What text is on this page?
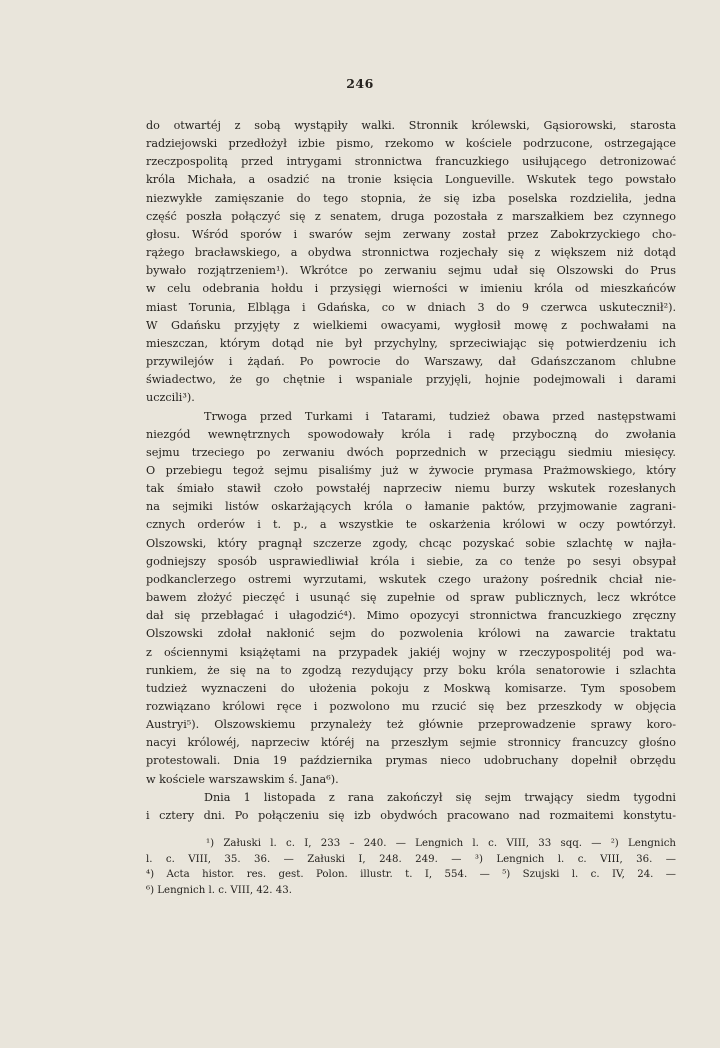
246
do otwartéj z sobą wystąpiły walki. Stronnik królewski, Gąsiorowski, starosta
radziejowski przedłożył izbie pismo, rzekomo w kościele podrzucone, ostrzegające
rzeczpospolitą przed intrygami stronnictwa francuzkiego usiłującego detronizować
króla Michała, a osadzić na tronie księcia Longueville. Wskutek tego powstało
niezwykłe zamięszanie do tego stopnia, że się izba poselska rozdzieliła, jedna
część poszła połączyć się z senatem, druga pozostała z marszałkiem bez czynnego
głosu. Wśród sporów i swarów sejm zerwany został przez Zabokrzyckiego cho-
rążego bracławskiego, a obydwa stronnictwa rozjechały się z większem niż dotąd
bywało rozjątrzeniem¹). Wkrótce po zerwaniu sejmu udał się Olszowski do Prus
w celu odebrania hołdu i przysięgi wierności w imieniu króla od mieszkańców
miast Torunia, Elbląga i Gdańska, co w dniach 3 do 9 czerwca uskutecznił²).
W Gdańsku przyjęty z wielkiemi owacyami, wygłosił mowę z pochwałami na
mieszczan, którym dotąd nie był przychylny, sprzeciwiając się potwierdzeniu ich
przywilejów i żądań. Po powrocie do Warszawy, dał Gdańszczanom chlubne
świadectwo, że go chętnie i wspaniale przyjęli, hojnie podejmowali i darami
uczcili³).
Trwoga przed Turkami i Tatarami, tudzież obawa przed następstwami
niezgód wewnętrznych spowodowały króla i radę przyboczną do zwołania
sejmu trzeciego po zerwaniu dwóch poprzednich w przeciągu siedmiu miesięcy.
O przebiegu tegoż sejmu pisaliśmy już w żywocie prymasa Prażmowskiego, który
tak śmiało stawił czoło powstałéj naprzeciw niemu burzy wskutek rozesłanych
na sejmiki listów oskarżających króla o łamanie paktów, przyjmowanie zagrani-
cznych orderów i t. p., a wszystkie te oskarżenia królowi w oczy powtórzył.
Olszowski, który pragnął szczerze zgody, chcąc pozyskać sobie szlachtę w najła-
godniejszy sposób usprawiedliwiał króla i siebie, za co tenże po sesyi obsypał
podkanclerzego ostremi wyrzutami, wskutek czego urażony pośrednik chciał nie-
bawem złożyć pieczęć i usunąć się zupełnie od spraw publicznych, lecz wkrótce
dał się przebłagać i ułagodzić⁴). Mimo opozycyi stronnictwa francuzkiego zręczny
Olszowski zdołał nakłonić sejm do pozwolenia królowi na zawarcie traktatu
z ościennymi książętami na przypadek jakiéj wojny w rzeczypospolitéj pod wa-
runkiem, że się na to zgodzą rezydujący przy boku króla senatorowie i szlachta
tudzież wyznaczeni do ułożenia pokoju z Moskwą komisarze. Tym sposobem
rozwiązano królowi ręce i pozwolono mu rzucić się bez przeszkody w objęcia
Austryi⁵). Olszowskiemu przynależy też głównie przeprowadzenie sprawy koro-
nacyi królowéj, naprzeciw któréj na przeszłym sejmie stronnicy francuzcy głośno
protestowali. Dnia 19 października prymas nieco udobruchany dopełnił obrzędu
w kościele warszawskim ś. Jana⁶).
Dnia 1 listopada z rana zakończył się sejm trwający siedm tygodni
i cztery dni. Po połączeniu się izb obydwóch pracowano nad rozmaitemi konstytu-
¹) Załuski l. c. I, 233 – 240. — Lengnich l. c. VIII, 33 sqq. — ²) Lengnich
l. c. VIII, 35. 36. — Załuski I, 248. 249. — ³) Lengnich l. c. VIII, 36. —
⁴) Acta histor. res. gest. Polon. illustr. t. I, 554. — ⁵) Szujski l. c. IV, 24. —
⁶) Lengnich l. c. VIII, 42. 43.
